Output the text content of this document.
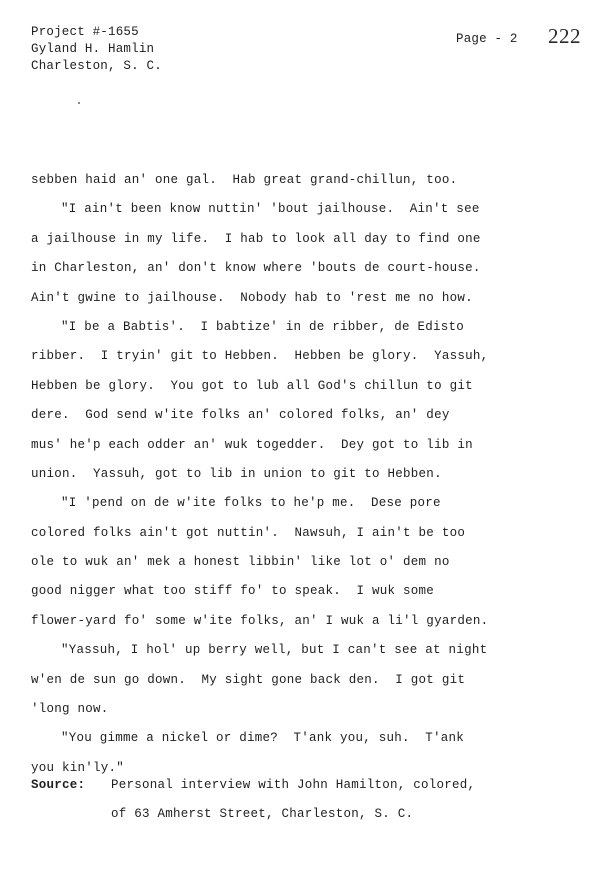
Project #-1655
Gyland H. Hamlin
Charleston, S. C.
Page - 2 222
sebben haid an' one gal.  Hab great grand-chillun, too.
"I ain't been know nuttin' 'bout jailhouse.  Ain't see
a jailhouse in my life.  I hab to look all day to find one
in Charleston, an' don't know where 'bouts de court-house.
Ain't gwine to jailhouse.  Nobody hab to 'rest me no how.
"I be a Babtis'.  I babtize' in de ribber, de Edisto
ribber.  I tryin' git to Hebben.  Hebben be glory.  Yassuh,
Hebben be glory.  You got to lub all God's chillun to git
dere.  God send w'ite folks an' colored folks, an' dey
mus' he'p each odder an' wuk togedder.  Dey got to lib in
union.  Yassuh, got to lib in union to git to Hebben.
"I 'pend on de w'ite folks to he'p me.  Dese pore
colored folks ain't got nuttin'.  Nawsuh, I ain't be too
ole to wuk an' mek a honest libbin' like lot o' dem no
good nigger what too stiff fo' to speak.  I wuk some
flower-yard fo' some w'ite folks, an' I wuk a li'l gyarden.
"Yassuh, I hol' up berry well, but I can't see at night
w'en de sun go down.  My sight gone back den.  I got git
'long now.
"You gimme a nickel or dime?  T'ank you, suh.  T'ank
you kin'ly."

Source:

Personal interview with John Hamilton, colored,

of 63 Amherst Street, Charleston, S. C.
